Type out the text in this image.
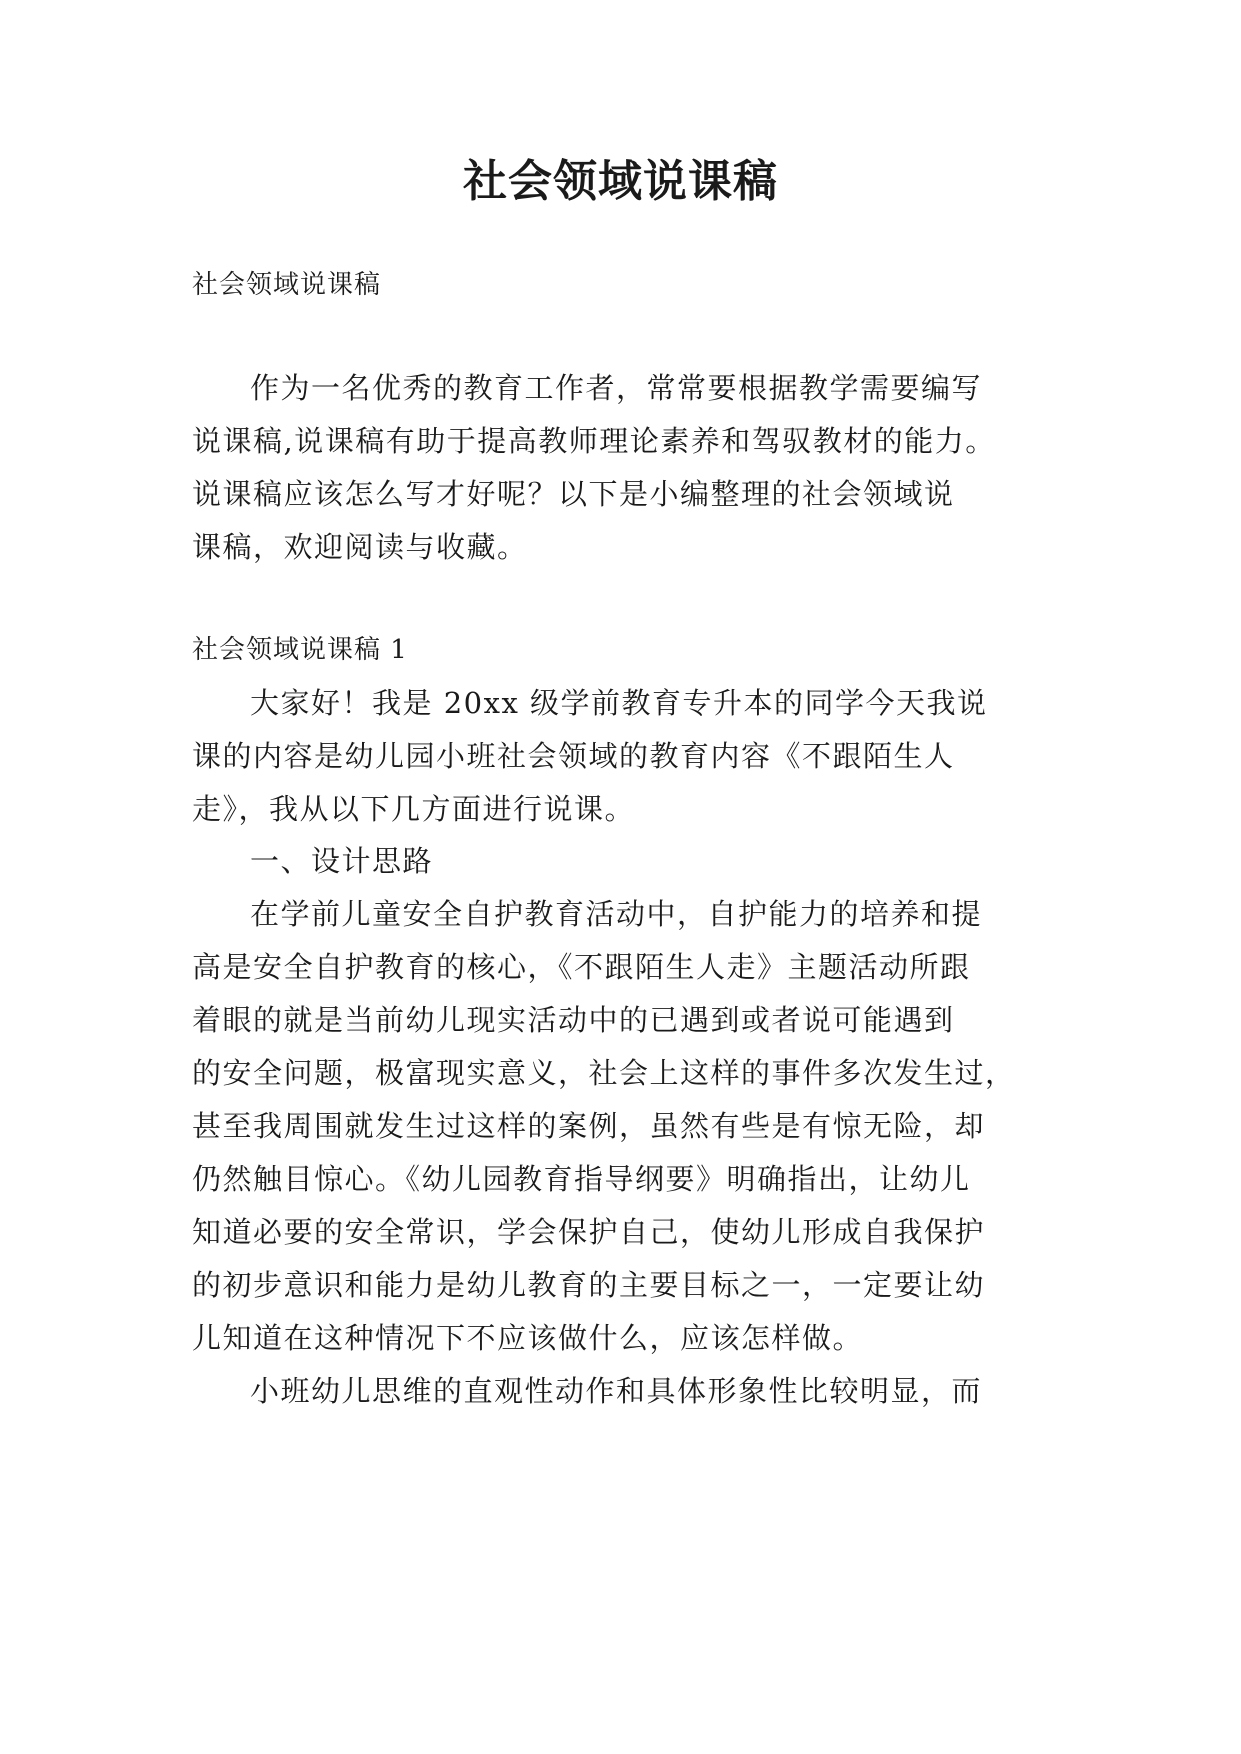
社会领域说课稿
社会领域说课稿
作为一名优秀的教育工作者，常常要根据教学需要编写
说课稿,说课稿有助于提高教师理论素养和驾驭教材的能力。
说课稿应该怎么写才好呢？以下是小编整理的社会领域说
课稿，欢迎阅读与收藏。
社会领域说课稿 1
大家好！我是 20xx 级学前教育专升本的同学今天我说
课的内容是幼儿园小班社会领域的教育内容《不跟陌生人
走》，我从以下几方面进行说课。
一、设计思路
在学前儿童安全自护教育活动中，自护能力的培养和提
高是安全自护教育的核心，《不跟陌生人走》主题活动所跟
着眼的就是当前幼儿现实活动中的已遇到或者说可能遇到
的安全问题，极富现实意义，社会上这样的事件多次发生过，
甚至我周围就发生过这样的案例，虽然有些是有惊无险，却
仍然触目惊心。《幼儿园教育指导纲要》明确指出，让幼儿
知道必要的安全常识，学会保护自己，使幼儿形成自我保护
的初步意识和能力是幼儿教育的主要目标之一，一定要让幼
儿知道在这种情况下不应该做什么，应该怎样做。
小班幼儿思维的直观性动作和具体形象性比较明显，而
